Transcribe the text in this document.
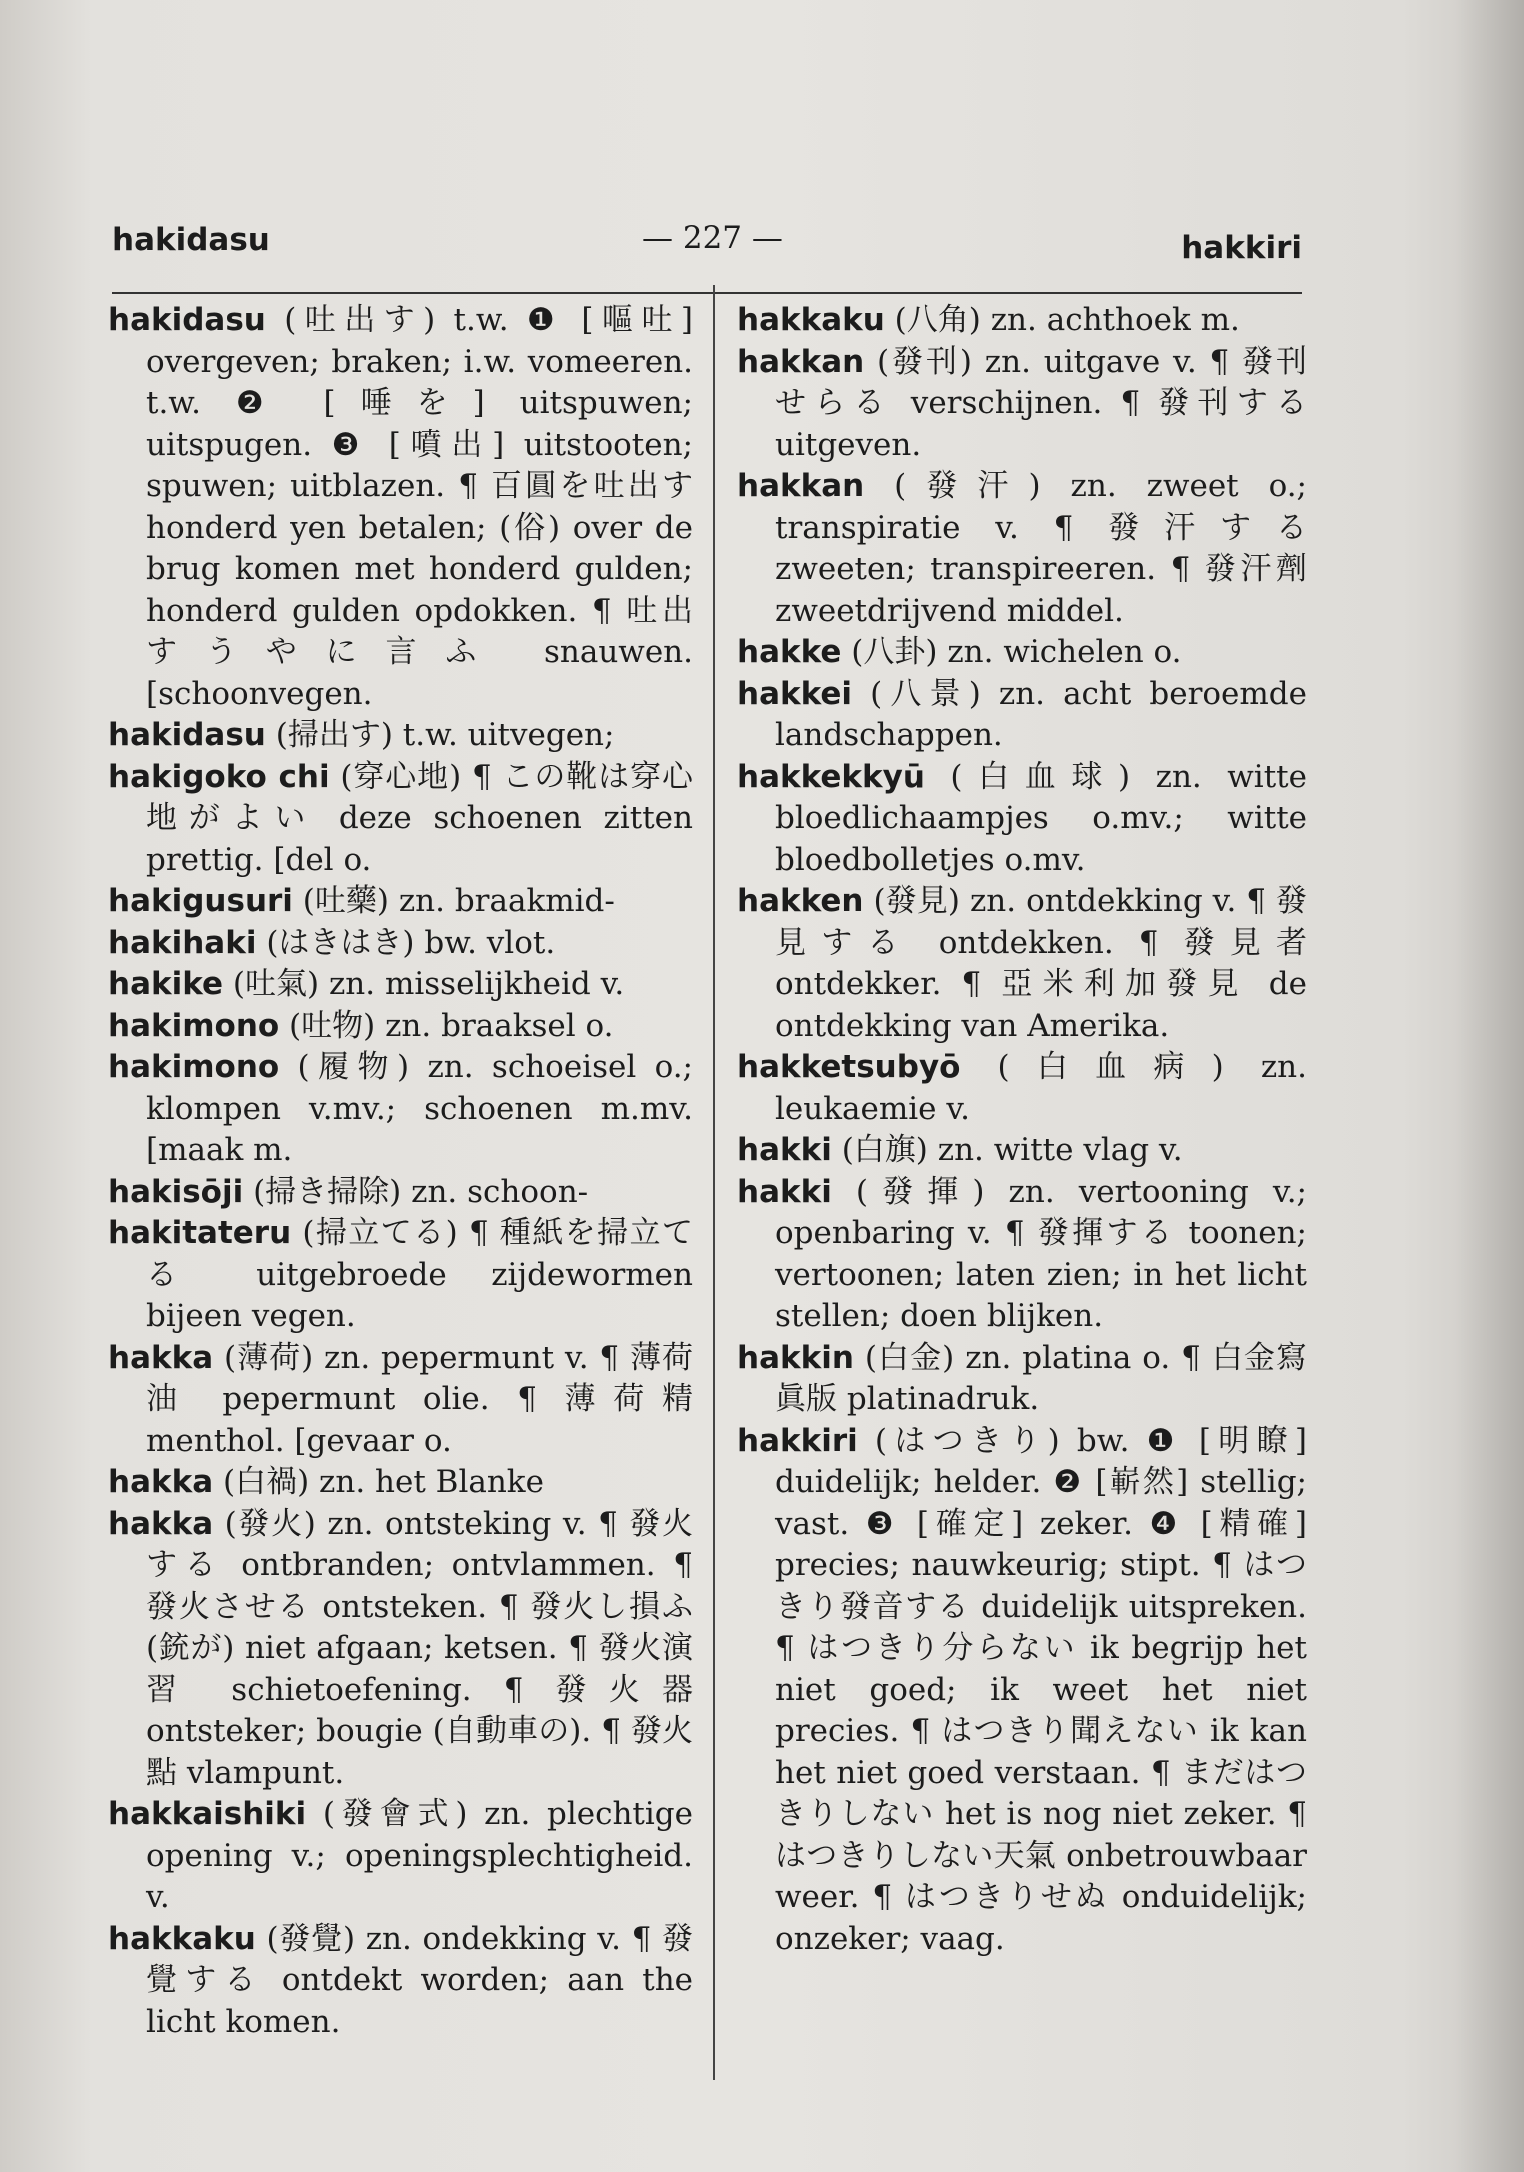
hakidasu	— 227 —	hakkiri

hakidasu (吐出す) t.w. ❶ [嘔吐] overgeven; braken; i.w. vomeeren. t.w. ❷ [唾を] uitspuwen; uitspugen. ❸ [噴出] uitstooten; spuwen; uitblazen. ¶ 百圓を吐出す honderd yen betalen; (俗) over de brug komen met honderd gulden; honderd gulden opdokken. ¶ 吐出すうやに言ふ snauwen. [schoonvegen.

hakidasu (掃出す) t.w. uitvegen;

hakigoko chi (穿心地) ¶ この靴は穿心地がよい deze schoenen zitten prettig. [del o.

hakigusuri (吐藥) zn. braakmid-

hakihaki (はきはき) bw. vlot.

hakike (吐氣) zn. misselijkheid v.

hakimono (吐物) zn. braaksel o.

hakimono (履物) zn. schoeisel o.; klompen v.mv.; schoenen m.mv. [maak m.

hakisōji (掃き掃除) zn. schoon-

hakitateru (掃立てる) ¶ 種紙を掃立てる uitgebroede zijdewormen bijeen vegen.

hakka (薄荷) zn. pepermunt v. ¶ 薄荷油 pepermunt olie. ¶ 薄荷精 menthol. [gevaar o.

hakka (白禍) zn. het Blanke

hakka (發火) zn. ontsteking v. ¶ 發火する ontbranden; ontvlammen. ¶ 發火させる ontsteken. ¶ 發火し損ふ (銃が) niet afgaan; ketsen. ¶ 發火演習 schietoefening. ¶ 發火器 ontsteker; bougie (自動車の). ¶ 發火點 vlampunt.

hakkaishiki (發會式) zn. plechtige opening v.; openingsplechtigheid. v.

hakkaku (發覺) zn. ondekking v. ¶ 發覺する ontdekt worden; aan the licht komen.

hakkaku (八角) zn. achthoek m.

hakkan (發刊) zn. uitgave v. ¶ 發刊せらる verschijnen. ¶ 發刊する uitgeven.

hakkan (發汗) zn. zweet o.; transpiratie v. ¶ 發汗する zweeten; transpireeren. ¶ 發汗劑 zweetdrijvend middel.

hakke (八卦) zn. wichelen o.

hakkei (八景) zn. acht beroemde landschappen.

hakkekkyū (白血球) zn. witte bloedlichaampjes o.mv.; witte bloedbolletjes o.mv.

hakken (發見) zn. ontdekking v. ¶ 發見する ontdekken. ¶ 發見者 ontdekker. ¶ 亞米利加發見 de ontdekking van Amerika.

hakketsubyō (白血病) zn. leukaemie v.

hakki (白旗) zn. witte vlag v.

hakki (發揮) zn. vertooning v.; openbaring v. ¶ 發揮する toonen; vertoonen; laten zien; in het licht stellen; doen blijken.

hakkin (白金) zn. platina o. ¶ 白金寫眞版 platinadruk.

hakkiri (はつきり) bw. ❶ [明瞭] duidelijk; helder. ❷ [嶄然] stellig; vast. ❸ [確定] zeker. ❹ [精確] precies; nauwkeurig; stipt. ¶ はつきり發音する duidelijk uitspreken. ¶ はつきり分らない ik begrijp het niet goed; ik weet het niet precies. ¶ はつきり聞えない ik kan het niet goed verstaan. ¶ まだはつきりしない het is nog niet zeker. ¶ はつきりしない天氣 onbetrouwbaar weer. ¶ はつきりせぬ onduidelijk; onzeker; vaag.
